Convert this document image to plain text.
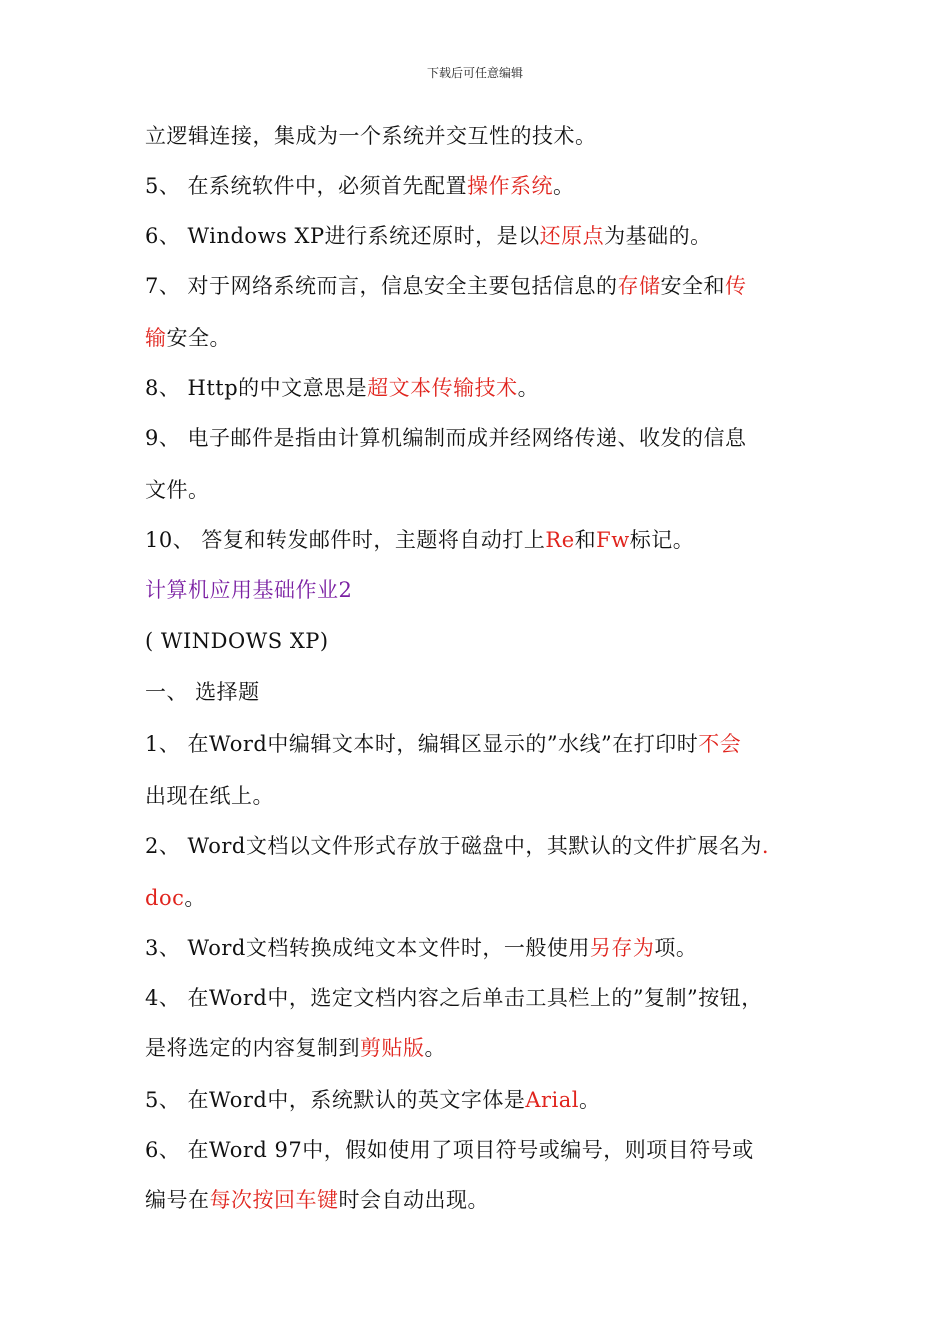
下载后可任意编辑
立逻辑连接，集成为一个系统并交互性的技术。
5、 在系统软件中，必须首先配置操作系统。
6、 Windows XP进行系统还原时，是以还原点为基础的。
7、 对于网络系统而言，信息安全主要包括信息的存储安全和传
输安全。
8、 Http的中文意思是超文本传输技术。
9、 电子邮件是指由计算机编制而成并经网络传递、收发的信息
文件。
10、 答复和转发邮件时，主题将自动打上Re和Fw标记。
计算机应用基础作业2
( WINDOWS XP)
一、 选择题
1、 在Word中编辑文本时，编辑区显示的”水线”在打印时不会
出现在纸上。
2、 Word文档以文件形式存放于磁盘中，其默认的文件扩展名为.
doc。
3、 Word文档转换成纯文本文件时，一般使用另存为项。
4、 在Word中，选定文档内容之后单击工具栏上的”复制”按钮，
是将选定的内容复制到剪贴版。
5、 在Word中，系统默认的英文字体是Arial。
6、 在Word 97中，假如使用了项目符号或编号，则项目符号或
编号在每次按回车键时会自动出现。
